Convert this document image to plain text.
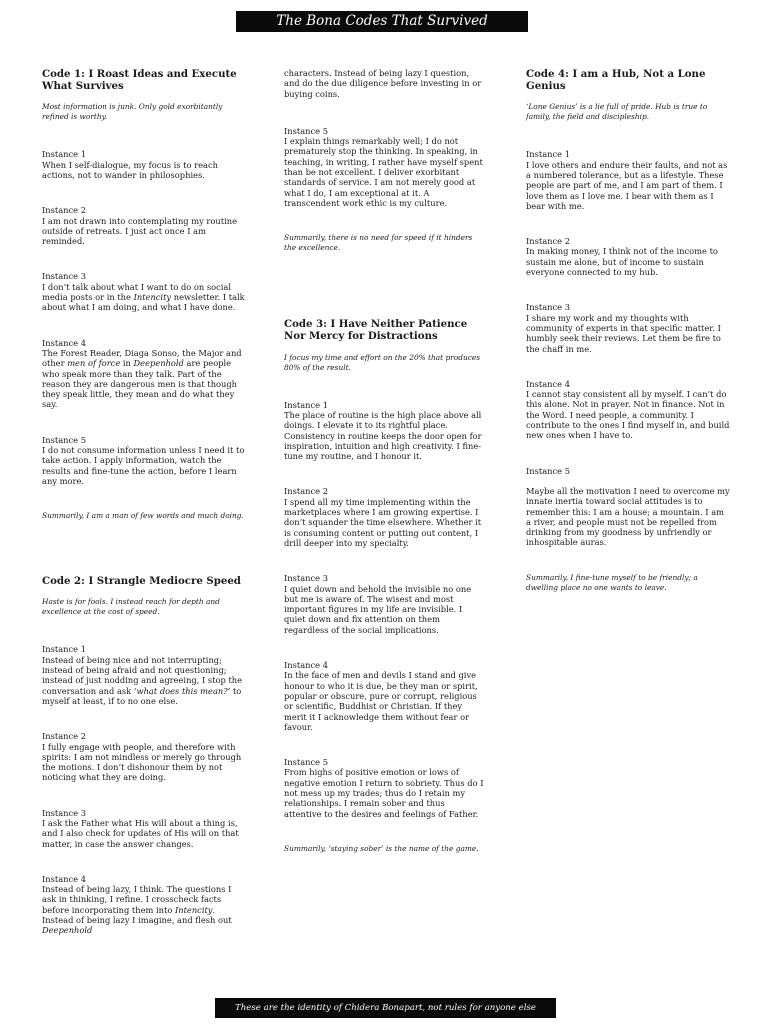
The Bona Codes That Survived
Code 1: I Roast Ideas and Execute What Survives

Most information is junk. Only gold exorbitantly refined is worthy.

Instance 1
When I self-dialogue, my focus is to reach actions, not to wander in philosophies.
Instance 2
I am not drawn into contemplating my routine outside of retreats. I just act once I am reminded.
Instance 3
I don’t talk about what I want to do on social media posts or in the Intencity newsletter. I talk about what I am doing, and what I have done.
Instance 4
The Forest Reader, Diaga Sonso, the Major and other men of force in Deepenhold are people who speak more than they talk. Part of the reason they are dangerous men is that though they speak little, they mean and do what they say.
Instance 5
I do not consume information unless I need it to take action. I apply information, watch the results and fine-tune the action, before I learn any more.

Summarily, I am a man of few words and much doing.

Code 2: I Strangle Mediocre Speed

Haste is for fools. I instead reach for depth and excellence at the cost of speed.

Instance 1
Instead of being nice and not interrupting; instead of being afraid and not questioning; instead of just nodding and agreeing, I stop the conversation and ask ‘what does this mean?’ to myself at least, if to no one else.
Instance 2
I fully engage with people, and therefore with spirits: I am not mindless or merely go through the motions. I don’t dishonour them by not noticing what they are doing.
Instance 3
I ask the Father what His will about a thing is, and I also check for updates of His will on that matter, in case the answer changes.
Instance 4
Instead of being lazy, I think. The questions I ask in thinking, I refine. I crosscheck facts before incorporating them into Intencity. Instead of being lazy I imagine, and flesh out Deepenhold

characters. Instead of being lazy I question, and do the due diligence before investing in or buying coins.

Instance 5
I explain things remarkably well; I do not prematurely stop the thinking. In speaking, in teaching, in writing, I rather have myself spent than be not excellent. I deliver exorbitant standards of service. I am not merely good at what I do, I am exceptional at it. A transcendent work ethic is my culture.

Summarily, there is no need for speed if it hinders the excellence.

Code 3: I Have Neither Patience Nor Mercy for Distractions

I focus my time and effort on the 20% that produces 80% of the result.

Instance 1
The place of routine is the high place above all doings. I elevate it to its rightful place. Consistency in routine keeps the door open for inspiration, intuition and high creativity. I fine-tune my routine, and I honour it.
Instance 2
I spend all my time implementing within the marketplaces where I am growing expertise. I don’t squander the time elsewhere. Whether it is consuming content or putting out content, I drill deeper into my specialty.
Instance 3
I quiet down and behold the invisible no one but me is aware of. The wisest and most important figures in my life are invisible. I quiet down and fix attention on them regardless of the social implications.
Instance 4
In the face of men and devils I stand and give honour to who it is due, be they man or spirit, popular or obscure, pure or corrupt, religious or scientific, Buddhist or Christian. If they merit it I acknowledge them without fear or favour.
Instance 5
From highs of positive emotion or lows of negative emotion I return to sobriety. Thus do I not mess up my trades; thus do I retain my relationships. I remain sober and thus attentive to the desires and feelings of Father.

Summarily, ‘staying sober’ is the name of the game.

Code 4: I am a Hub, Not a Lone Genius

‘Lone Genius’ is a lie full of pride. Hub is true to family, the field and discipleship.

Instance 1
I love others and endure their faults, and not as a numbered tolerance, but as a lifestyle. These people are part of me, and I am part of them. I love them as I love me. I bear with them as I bear with me.
Instance 2
In making money, I think not of the income to sustain me alone, but of income to sustain everyone connected to my hub.
Instance 3
I share my work and my thoughts with community of experts in that specific matter. I humbly seek their reviews. Let them be fire to the chaff in me.
Instance 4
I cannot stay consistent all by myself. I can’t do this alone. Not in prayer. Not in finance. Not in the Word. I need people, a community. I contribute to the ones I find myself in, and build new ones when I have to.
Instance 5
Maybe all the motivation I need to overcome my innate inertia toward social attitudes is to remember this: I am a house; a mountain. I am a river, and people must not be repelled from drinking from my goodness by unfriendly or inhospitable auras.

Summarily, I fine-tune myself to be friendly; a dwelling place no one wants to leave.

These are the identity of Chidera Bonapart, not rules for anyone else
